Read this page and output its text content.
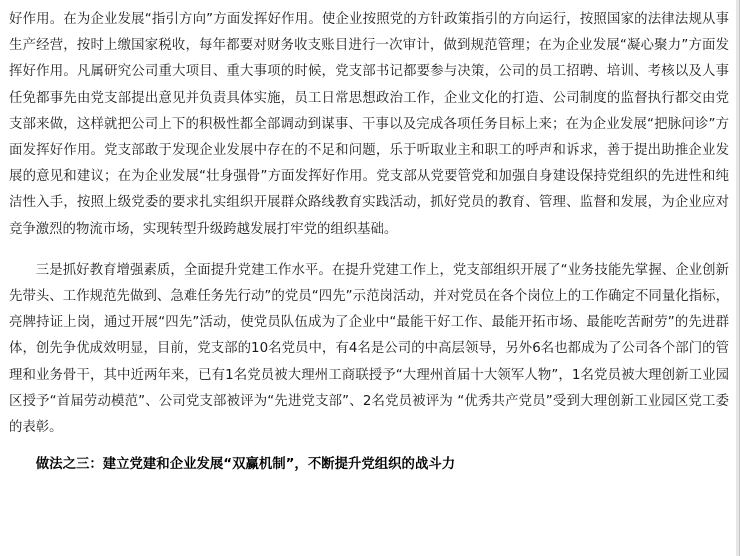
好作用。在为企业发展“指引方向”方面发挥好作用。使企业按照党的方针政策指引的方向运行，按照国家的法律法规从事生产经营，按时上缴国家税收，每年都要对财务收支账目进行一次审计，做到规范管理；在为企业发展“凝心聚力”方面发挥好作用。凡属研究公司重大项目、重大事项的时候，党支部书记都要参与决策，公司的员工招聘、培训、考核以及人事任免都事先由党支部提出意见并负责具体实施，员工日常思想政治工作，企业文化的打造、公司制度的监督执行都交由党支部来做，这样就把公司上下的积极性都全部调动到谋事、干事以及完成各项任务目标上来；在为企业发展“把脉问诊”方面发挥好作用。党支部敢于发现企业发展中存在的不足和问题，乐于听取业主和职工的呼声和诉求，善于提出助推企业发展的意见和建议；在为企业发展“壮身强骨”方面发挥好作用。党支部从党要管党和加强自身建设保持党组织的先进性和纯洁性入手，按照上级党委的要求扎实组织开展群众路线教育实践活动，抓好党员的教育、管理、监督和发展，为企业应对竞争激烈的物流市场，实现转型升级跨越发展打牢党的组织基础。

三是抓好教育增强素质，全面提升党建工作水平。在提升党建工作上，党支部组织开展了“业务技能先掌握、企业创新先带头、工作规范先做到、急难任务先行动”的党员“四先”示范岗活动，并对党员在各个岗位上的工作确定不同量化指标，亮牌持证上岗，通过开展“四先”活动，使党员队伍成为了企业中“最能干好工作、最能开拓市场、最能吃苦耐劳”的先进群体，创先争优成效明显，目前，党支部的10名党员中，有4名是公司的中高层领导，另外6名也都成为了公司各个部门的管理和业务骨干，其中近两年来，已有1名党员被大理州工商联授予“大理州首届十大领军人物”，1名党员被大理创新工业园区授予“首届劳动模范”、公司党支部被评为“先进党支部”、2名党员被评为 “优秀共产党员”受到大理创新工业园区党工委的表彰。

做法之三：建立党建和企业发展“双赢机制”，不断提升党组织的战斗力
